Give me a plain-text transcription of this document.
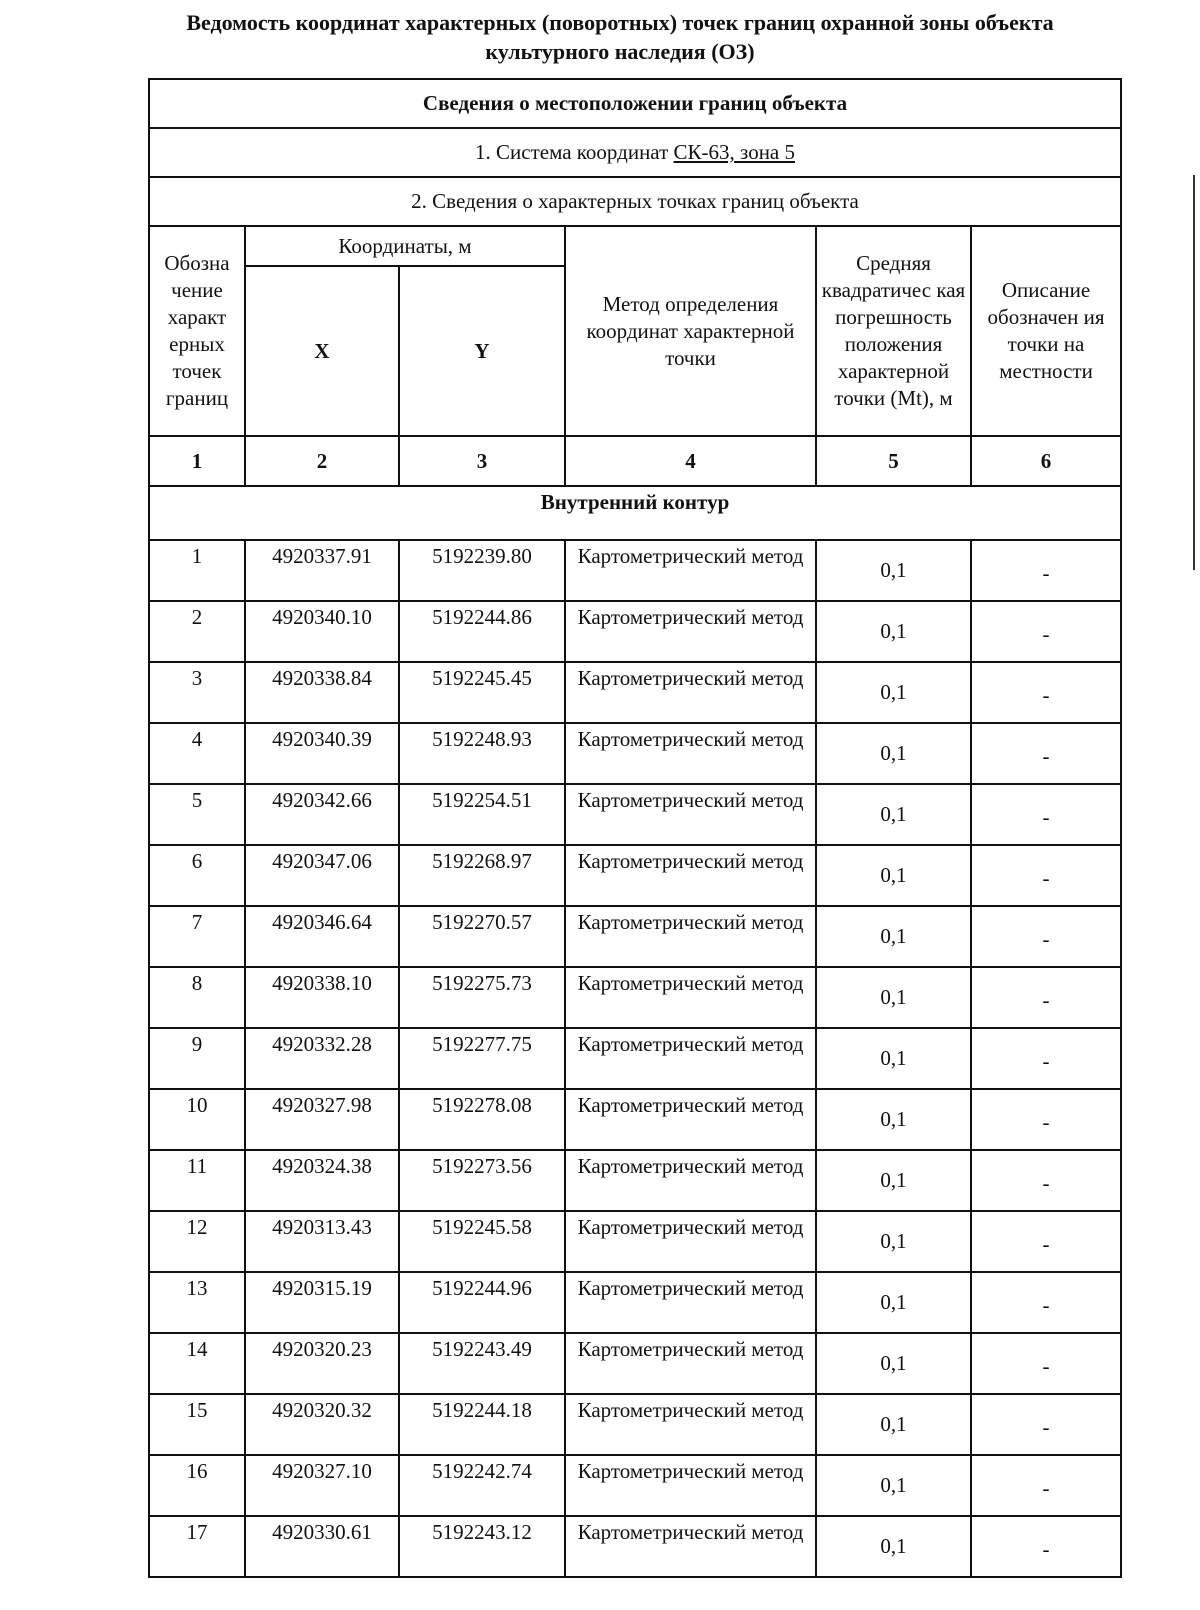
Ведомость координат характерных (поворотных) точек границ охранной зоны объекта
культурного наследия (ОЗ)
Сведения о местоположении границ объекта					
1. Система координат СК-63, зона 5					
2. Сведения о характерных точках границ объекта					
Обозна чение характ ерных точек границ	Координаты, м		Метод определения координат характерной точки	Средняя квадратичес кая погрешность положения характерной точки (Mt), м	Описание обозначен ия точки на местности
	X	Y			
1	2	3	4	5	6
Внутренний контур					
1	4920337.91	5192239.80	Картометрический метод	0,1	-
2	4920340.10	5192244.86	Картометрический метод	0,1	-
3	4920338.84	5192245.45	Картометрический метод	0,1	-
4	4920340.39	5192248.93	Картометрический метод	0,1	-
5	4920342.66	5192254.51	Картометрический метод	0,1	-
6	4920347.06	5192268.97	Картометрический метод	0,1	-
7	4920346.64	5192270.57	Картометрический метод	0,1	-
8	4920338.10	5192275.73	Картометрический метод	0,1	-
9	4920332.28	5192277.75	Картометрический метод	0,1	-
10	4920327.98	5192278.08	Картометрический метод	0,1	-
11	4920324.38	5192273.56	Картометрический метод	0,1	-
12	4920313.43	5192245.58	Картометрический метод	0,1	-
13	4920315.19	5192244.96	Картометрический метод	0,1	-
14	4920320.23	5192243.49	Картометрический метод	0,1	-
15	4920320.32	5192244.18	Картометрический метод	0,1	-
16	4920327.10	5192242.74	Картометрический метод	0,1	-
17	4920330.61	5192243.12	Картометрический метод	0,1	-
